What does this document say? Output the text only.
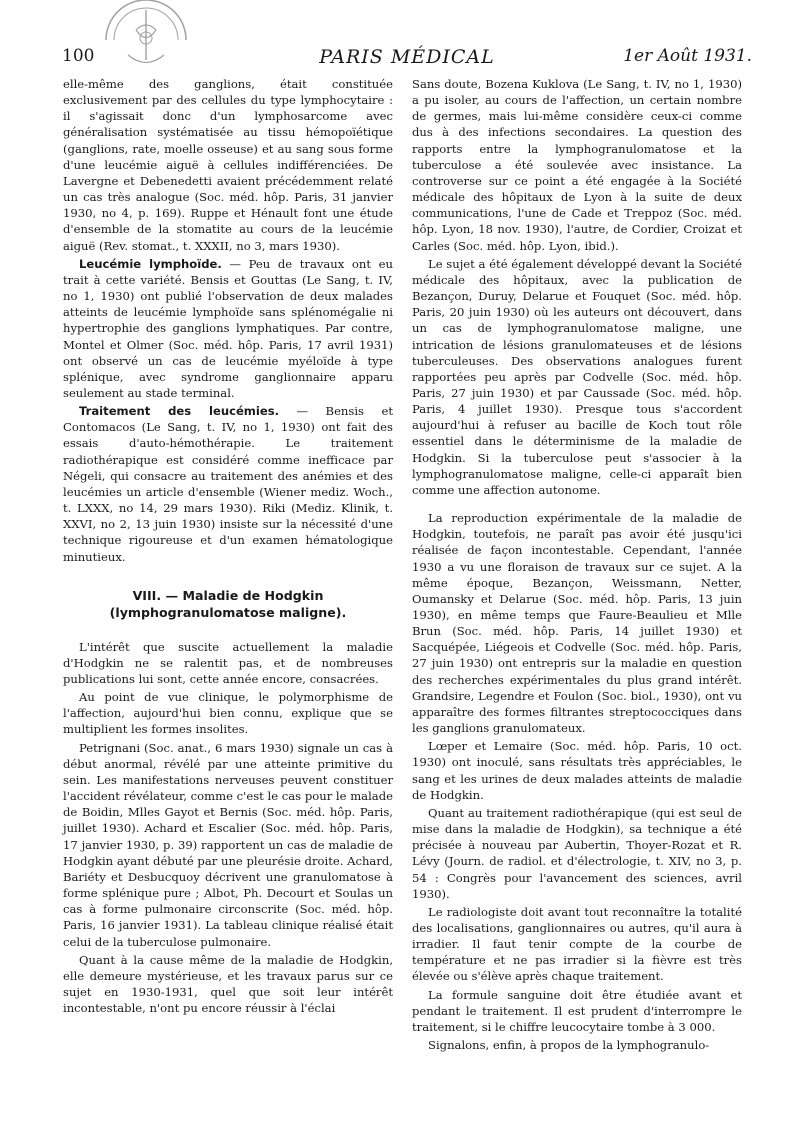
100	PARIS MÉDICAL	1er Août 1931.

elle-même des ganglions, était constituée exclusivement par des cellules du type lymphocytaire : il s'agissait donc d'un lymphosarcome avec généralisation systématisée au tissu hémopoïétique (ganglions, rate, moelle osseuse) et au sang sous forme d'une leucémie aiguë à cellules indifférenciées. De Lavergne et Debenedetti avaient précédemment relaté un cas très analogue (Soc. méd. hôp. Paris, 31 janvier 1930, no 4, p. 169). Ruppe et Hénault font une étude d'ensemble de la stomatite au cours de la leucémie aiguë (Rev. stomat., t. XXXII, no 3, mars 1930).

Leucémie lymphoïde. — Peu de travaux ont eu trait à cette variété. Bensis et Gouttas (Le Sang, t. IV, no 1, 1930) ont publié l'observation de deux malades atteints de leucémie lymphoïde sans splénomégalie ni hypertrophie des ganglions lymphatiques. Par contre, Montel et Olmer (Soc. méd. hôp. Paris, 17 avril 1931) ont observé un cas de leucémie myéloïde à type splénique, avec syndrome ganglionnaire apparu seulement au stade terminal.

Traitement des leucémies. — Bensis et Contomacos (Le Sang, t. IV, no 1, 1930) ont fait des essais d'auto-hémothérapie. Le traitement radiothérapique est considéré comme inefficace par Négeli, qui consacre au traitement des anémies et des leucémies un article d'ensemble (Wiener mediz. Woch., t. LXXX, no 14, 29 mars 1930). Riki (Mediz. Klinik, t. XXVI, no 2, 13 juin 1930) insiste sur la nécessité d'une technique rigoureuse et d'un examen hématologique minutieux.

VIII. — Maladie de Hodgkin (lymphogranulomatose maligne).

L'intérêt que suscite actuellement la maladie d'Hodgkin ne se ralentit pas, et de nombreuses publications lui sont, cette année encore, consacrées.

Au point de vue clinique, le polymorphisme de l'affection, aujourd'hui bien connu, explique que se multiplient les formes insolites.

Petrignani (Soc. anat., 6 mars 1930) signale un cas à début anormal, révélé par une atteinte primitive du sein. Les manifestations nerveuses peuvent constituer l'accident révélateur, comme c'est le cas pour le malade de Boidin, Mlles Gayot et Bernis (Soc. méd. hôp. Paris, juillet 1930). Achard et Escalier (Soc. méd. hôp. Paris, 17 janvier 1930, p. 39) rapportent un cas de maladie de Hodgkin ayant débuté par une pleurésie droite. Achard, Bariéty et Desbucquoy décrivent une granulomatose à forme splénique pure ; Albot, Ph. Decourt et Soulas un cas à forme pulmonaire circonscrite (Soc. méd. hôp. Paris, 16 janvier 1931). La tableau clinique réalisé était celui de la tuberculose pulmonaire.

Quant à la cause même de la maladie de Hodgkin, elle demeure mystérieuse, et les travaux parus sur ce sujet en 1930-1931, quel que soit leur intérêt incontestable, n'ont pu encore réussir à l'éclai

Sans doute, Bozena Kuklova (Le Sang, t. IV, no 1, 1930) a pu isoler, au cours de l'affection, un certain nombre de germes, mais lui-même considère ceux-ci comme dus à des infections secondaires. La question des rapports entre la lymphogranulomatose et la tuberculose a été soulevée avec insistance. La controverse sur ce point a été engagée à la Société médicale des hôpitaux de Lyon à la suite de deux communications, l'une de Cade et Treppoz (Soc. méd. hôp. Lyon, 18 nov. 1930), l'autre, de Cordier, Croizat et Carles (Soc. méd. hôp. Lyon, ibid.).

Le sujet a été également développé devant la Société médicale des hôpitaux, avec la publication de Bezançon, Duruy, Delarue et Fouquet (Soc. méd. hôp. Paris, 20 juin 1930) où les auteurs ont découvert, dans un cas de lymphogranulomatose maligne, une intrication de lésions granulomateuses et de lésions tuberculeuses. Des observations analogues furent rapportées peu après par Codvelle (Soc. méd. hôp. Paris, 27 juin 1930) et par Caussade (Soc. méd. hôp. Paris, 4 juillet 1930). Presque tous s'accordent aujourd'hui à refuser au bacille de Koch tout rôle essentiel dans le déterminisme de la maladie de Hodgkin. Si la tuberculose peut s'associer à la lymphogranulomatose maligne, celle-ci apparaît bien comme une affection autonome.

La reproduction expérimentale de la maladie de Hodgkin, toutefois, ne paraît pas avoir été jusqu'ici réalisée de façon incontestable. Cependant, l'année 1930 a vu une floraison de travaux sur ce sujet. A la même époque, Bezançon, Weissmann, Netter, Oumansky et Delarue (Soc. méd. hôp. Paris, 13 juin 1930), en même temps que Faure-Beaulieu et Mlle Brun (Soc. méd. hôp. Paris, 14 juillet 1930) et Sacquépée, Liégeois et Codvelle (Soc. méd. hôp. Paris, 27 juin 1930) ont entrepris sur la maladie en question des recherches expérimentales du plus grand intérêt. Grandsire, Legendre et Foulon (Soc. biol., 1930), ont vu apparaître des formes filtrantes streptococciques dans les ganglions granulomateux.

Lœper et Lemaire (Soc. méd. hôp. Paris, 10 oct. 1930) ont inoculé, sans résultats très appréciables, le sang et les urines de deux malades atteints de maladie de Hodgkin.

Quant au traitement radiothérapique (qui est seul de mise dans la maladie de Hodgkin), sa technique a été précisée à nouveau par Aubertin, Thoyer-Rozat et R. Lévy (Journ. de radiol. et d'électrologie, t. XIV, no 3, p. 54 : Congrès pour l'avancement des sciences, avril 1930).

Le radiologiste doit avant tout reconnaître la totalité des localisations, ganglionnaires ou autres, qu'il aura à irradier. Il faut tenir compte de la courbe de température et ne pas irradier si la fièvre est très élevée ou s'élève après chaque traitement.

La formule sanguine doit être étudiée avant et pendant le traitement. Il est prudent d'interrompre le traitement, si le chiffre leucocytaire tombe à 3 000.

Signalons, enfin, à propos de la lymphogranulo-
